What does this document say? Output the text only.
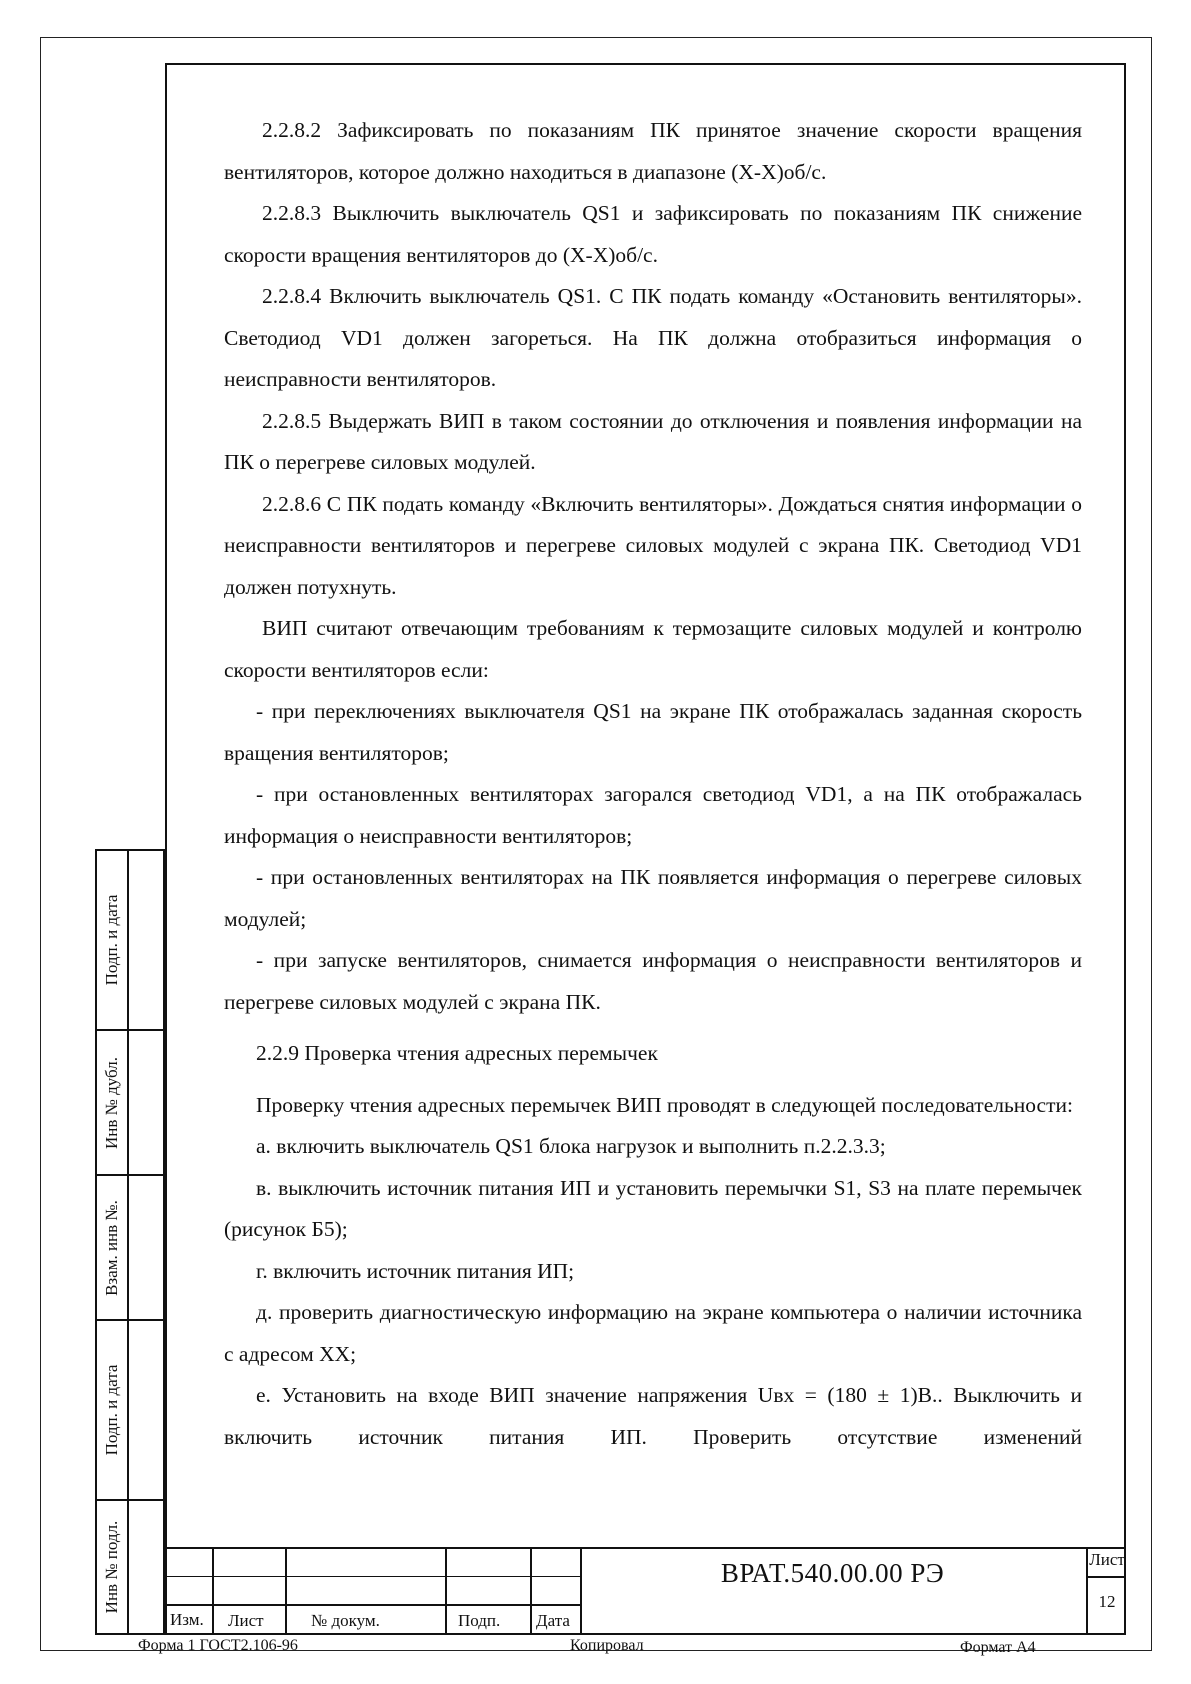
2.2.8.2 Зафиксировать по показаниям ПК принятое значение скорости вращения вентиляторов, которое должно находиться в диапазоне (Х-Х)об/с.

2.2.8.3 Выключить выключатель QS1 и зафиксировать по показаниям ПК снижение скорости вращения вентиляторов до (Х-Х)об/с.

2.2.8.4 Включить выключатель QS1. С ПК подать команду «Остановить вентиляторы». Светодиод VD1 должен загореться. На ПК должна отобразиться информация о неисправности вентиляторов.

2.2.8.5 Выдержать ВИП в таком состоянии до отключения и появления информации на ПК о перегреве силовых модулей.

2.2.8.6 С ПК подать команду «Включить вентиляторы». Дождаться снятия информации о неисправности вентиляторов и перегреве силовых модулей с экрана ПК. Светодиод VD1 должен потухнуть.

ВИП считают отвечающим требованиям к термозащите силовых модулей и контролю скорости вентиляторов если:

- при переключениях выключателя QS1 на экране ПК отображалась заданная скорость вращения вентиляторов;

- при остановленных вентиляторах загорался светодиод VD1, а на ПК отображалась информация о неисправности вентиляторов;

- при остановленных вентиляторах на ПК появляется информация о перегреве силовых модулей;

- при запуске вентиляторов, снимается информация о неисправности вентиляторов и перегреве силовых модулей с экрана ПК.

2.2.9 Проверка чтения адресных перемычек

Проверку чтения адресных перемычек ВИП проводят в следующей последовательности:

а. включить выключатель QS1 блока нагрузок и выполнить п.2.2.3.3;

в. выключить источник питания ИП и установить перемычки S1, S3 на плате перемычек (рисунок Б5);

г. включить источник питания ИП;

д. проверить диагностическую информацию на экране компьютера о наличии источника с адресом ХХ;

е. Установить на входе ВИП значение напряжения Uвх = (180 ± 1)В.. Выключить и включить источник питания ИП. Проверить отсутствие изменений

Подп. и дата
Инв № дубл.
Взам. инв №.
Подп. и дата
Инв № подл.
Изм. Лист	№ докум.	Подп. Дата
ВРАТ.540.00.00 РЭ	Лист
12
Форма 1 ГОСТ2.106-96	Копировал	Формат А4
